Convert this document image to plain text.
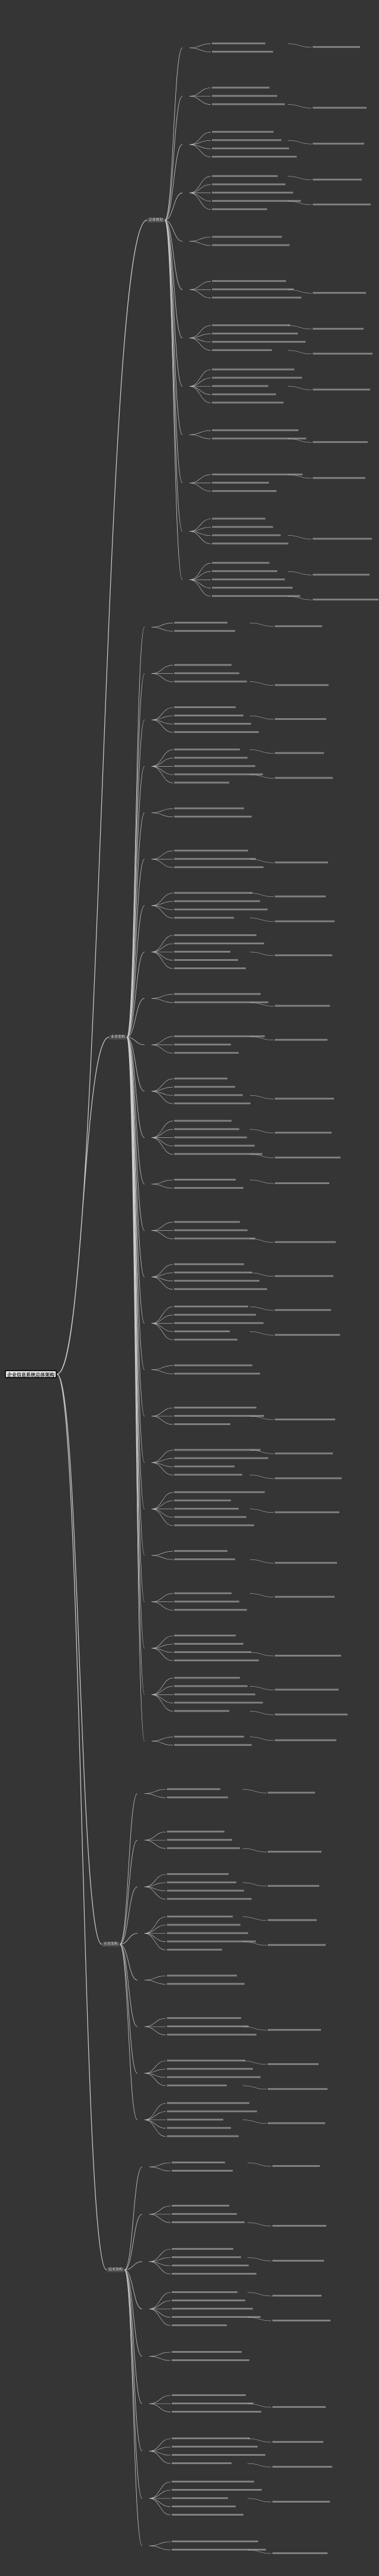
企业信息系统总体架构
总体规划
业务架构
应用架构
技术架构
